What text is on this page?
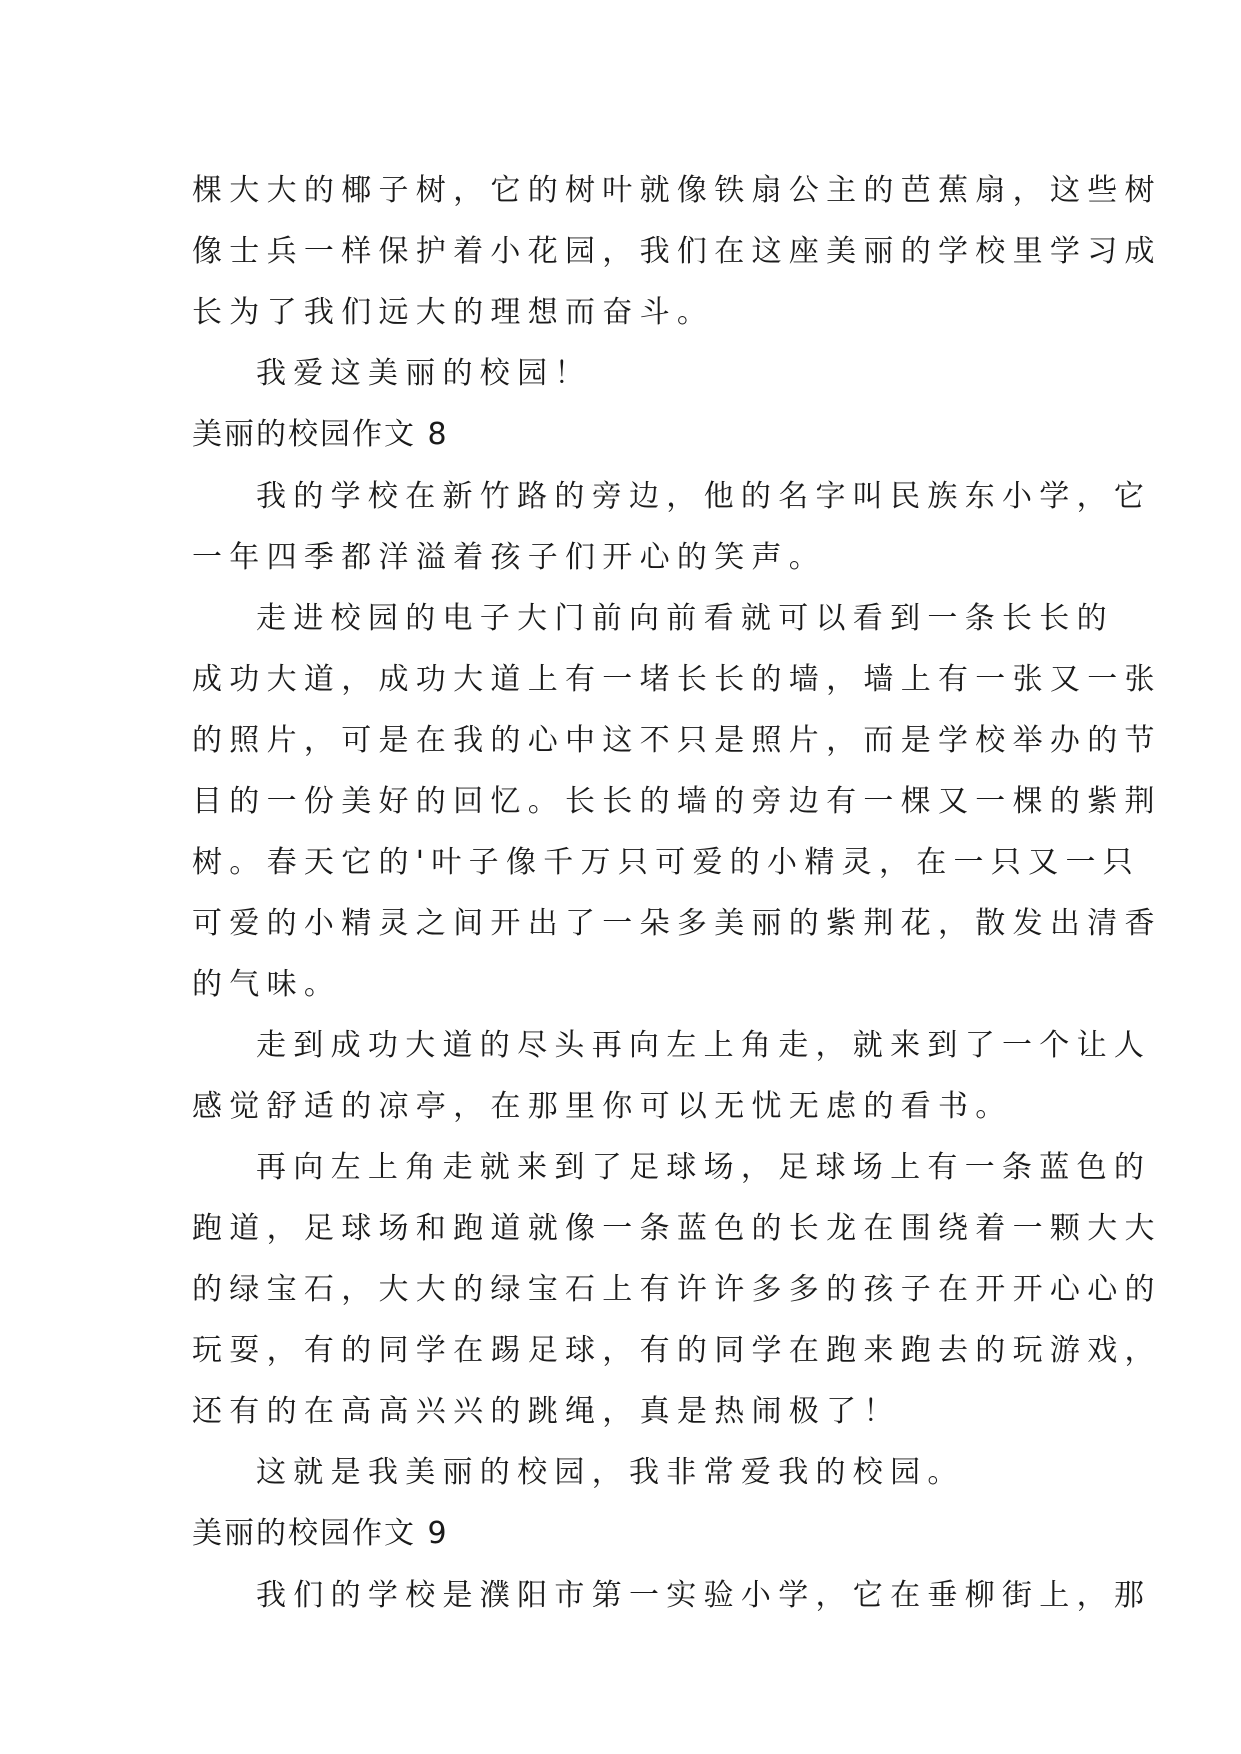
棵大大的椰子树，它的树叶就像铁扇公主的芭蕉扇，这些树
像士兵一样保护着小花园，我们在这座美丽的学校里学习成
长为了我们远大的理想而奋斗。
我爱这美丽的校园！
美丽的校园作文 8
我的学校在新竹路的旁边，他的名字叫民族东小学，它
一年四季都洋溢着孩子们开心的笑声。
走进校园的电子大门前向前看就可以看到一条长长的
成功大道，成功大道上有一堵长长的墙，墙上有一张又一张
的照片，可是在我的心中这不只是照片，而是学校举办的节
目的一份美好的回忆。长长的墙的旁边有一棵又一棵的紫荆
树。春天它的'叶子像千万只可爱的小精灵，在一只又一只
可爱的小精灵之间开出了一朵多美丽的紫荆花，散发出清香
的气味。
走到成功大道的尽头再向左上角走，就来到了一个让人
感觉舒适的凉亭，在那里你可以无忧无虑的看书。
再向左上角走就来到了足球场，足球场上有一条蓝色的
跑道，足球场和跑道就像一条蓝色的长龙在围绕着一颗大大
的绿宝石，大大的绿宝石上有许许多多的孩子在开开心心的
玩耍，有的同学在踢足球，有的同学在跑来跑去的玩游戏，
还有的在高高兴兴的跳绳，真是热闹极了！
这就是我美丽的校园，我非常爱我的校园。
美丽的校园作文 9
我们的学校是濮阳市第一实验小学，它在垂柳街上，那
